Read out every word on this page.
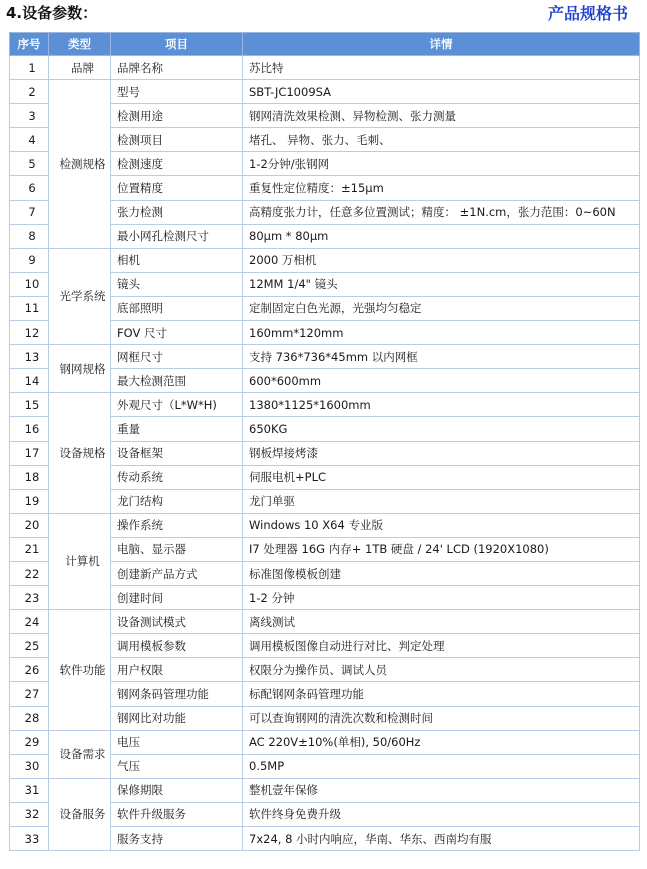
4.设备参数：	产品规格书
序号	类型	项目	详情
1	品牌	品牌名称	苏比特
2	检测规格	型号	SBT-JC1009SA
3		检测用途	钢网清洗效果检测、异物检测、张力测量
4		检测项目	堵孔、 异物、张力、毛刺、
5		检测速度	1-2分钟/张钢网
6		位置精度	重复性定位精度：±15μm
7		张力检测	高精度张力计，任意多位置测试；精度： ±1N.cm，张力范围：0~60N
8		最小网孔检测尺寸	80μm * 80μm
9	光学系统	相机	2000 万相机
10		镜头	12MM 1/4" 镜头
11		底部照明	定制固定白色光源，光强均匀稳定
12		FOV 尺寸	160mm*120mm
13	钢网规格	网框尺寸	支持 736*736*45mm 以内网框
14		最大检测范围	600*600mm
15	设备规格	外观尺寸（L*W*H)	1380*1125*1600mm
16		重量	650KG
17		设备框架	钢板焊接烤漆
18		传动系统	伺服电机+PLC
19		龙门结构	龙门单驱
20	计算机	操作系统	Windows 10 X64 专业版
21		电脑、显示器	I7 处理器 16G 内存+ 1TB 硬盘 / 24' LCD (1920X1080)
22		创建新产品方式	标准图像模板创建
23		创建时间	1-2 分钟
24	软件功能	设备测试模式	离线测试
25		调用模板参数	调用模板图像自动进行对比、判定处理
26		用户权限	权限分为操作员、调试人员
27		钢网条码管理功能	标配钢网条码管理功能
28		钢网比对功能	可以查询钢网的清洗次数和检测时间
29	设备需求	电压	AC 220V±10%(单相), 50/60Hz
30		气压	0.5MP
31	设备服务	保修期限	整机壹年保修
32		软件升级服务	软件终身免费升级
33		服务支持	7x24, 8 小时内响应，华南、华东、西南均有服
